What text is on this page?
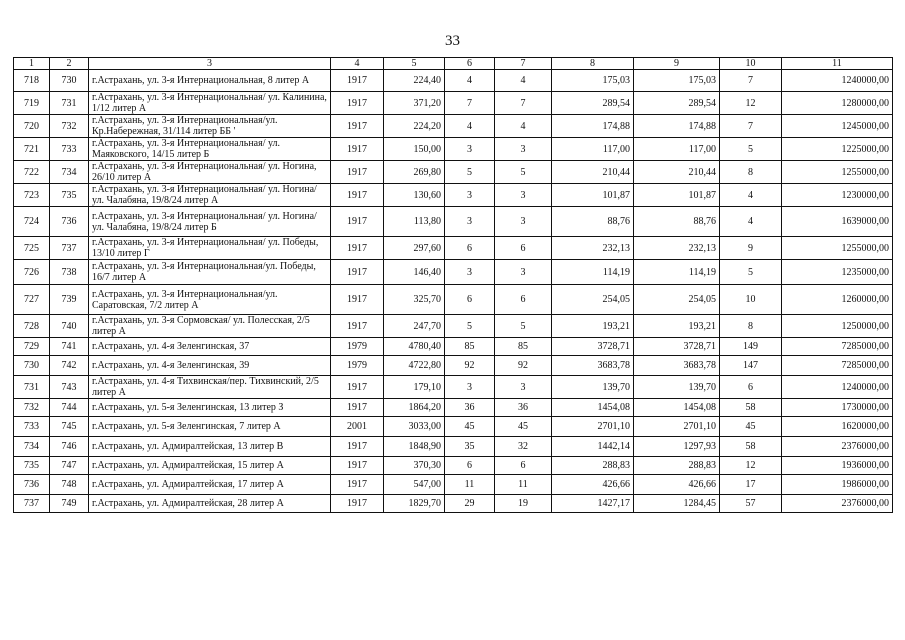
33
1	2	3	4	5	6	7	8	9	10	11
718	730	г.Астрахань, ул. 3-я Интернациональная, 8 литер А	1917	224,40	4	4	175,03	175,03	7	1240000,00
719	731	г.Астрахань, ул. 3-я Интернациональная/ ул. Калинина, 1/12 литер А	1917	371,20	7	7	289,54	289,54	12	1280000,00
720	732	г.Астрахань, ул. 3-я Интернациональная/ул. Кр.Набережная, 31/114 литер ББ '	1917	224,20	4	4	174,88	174,88	7	1245000,00
721	733	г.Астрахань, ул. 3-я Интернациональная/ ул. Маяковского, 14/15 литер Б	1917	150,00	3	3	117,00	117,00	5	1225000,00
722	734	г.Астрахань, ул. 3-я Интернациональная/ ул. Ногина, 26/10 литер А	1917	269,80	5	5	210,44	210,44	8	1255000,00
723	735	г.Астрахань, ул. 3-я Интернациональная/ ул. Ногина/ул. Чалабяна, 19/8/24 литер А	1917	130,60	3	3	101,87	101,87	4	1230000,00
724	736	г.Астрахань, ул. 3-я Интернациональная/ ул. Ногина/ ул. Чалабяна, 19/8/24 литер Б	1917	113,80	3	3	88,76	88,76	4	1639000,00
725	737	г.Астрахань, ул. 3-я Интернациональная/ ул. Победы, 13/10 литер Г	1917	297,60	6	6	232,13	232,13	9	1255000,00
726	738	г.Астрахань, ул. 3-я Интернациональная/ул. Победы, 16/7 литер А	1917	146,40	3	3	114,19	114,19	5	1235000,00
727	739	г.Астрахань, ул. 3-я Интернациональная/ул. Саратовская, 7/2 литер А	1917	325,70	6	6	254,05	254,05	10	1260000,00
728	740	г.Астрахань, ул. 3-я Сормовская/ ул. Полесская, 2/5 литер А	1917	247,70	5	5	193,21	193,21	8	1250000,00
729	741	г.Астрахань, ул. 4-я Зеленгинская, 37	1979	4780,40	85	85	3728,71	3728,71	149	7285000,00
730	742	г.Астрахань, ул. 4-я Зеленгинская, 39	1979	4722,80	92	92	3683,78	3683,78	147	7285000,00
731	743	г.Астрахань, ул. 4-я Тихвинская/пер. Тихвинский, 2/5 литер А	1917	179,10	3	3	139,70	139,70	6	1240000,00
732	744	г.Астрахань, ул. 5-я Зеленгинская, 13 литер З	1917	1864,20	36	36	1454,08	1454,08	58	1730000,00
733	745	г.Астрахань, ул. 5-я Зеленгинская, 7 литер А	2001	3033,00	45	45	2701,10	2701,10	45	1620000,00
734	746	г.Астрахань, ул. Адмиралтейская, 13 литер В	1917	1848,90	35	32	1442,14	1297,93	58	2376000,00
735	747	г.Астрахань, ул. Адмиралтейская, 15 литер А	1917	370,30	6	6	288,83	288,83	12	1936000,00
736	748	г.Астрахань, ул. Адмиралтейская, 17 литер А	1917	547,00	11	11	426,66	426,66	17	1986000,00
737	749	г.Астрахань, ул. Адмиралтейская, 28 литер А	1917	1829,70	29	19	1427,17	1284,45	57	2376000,00
